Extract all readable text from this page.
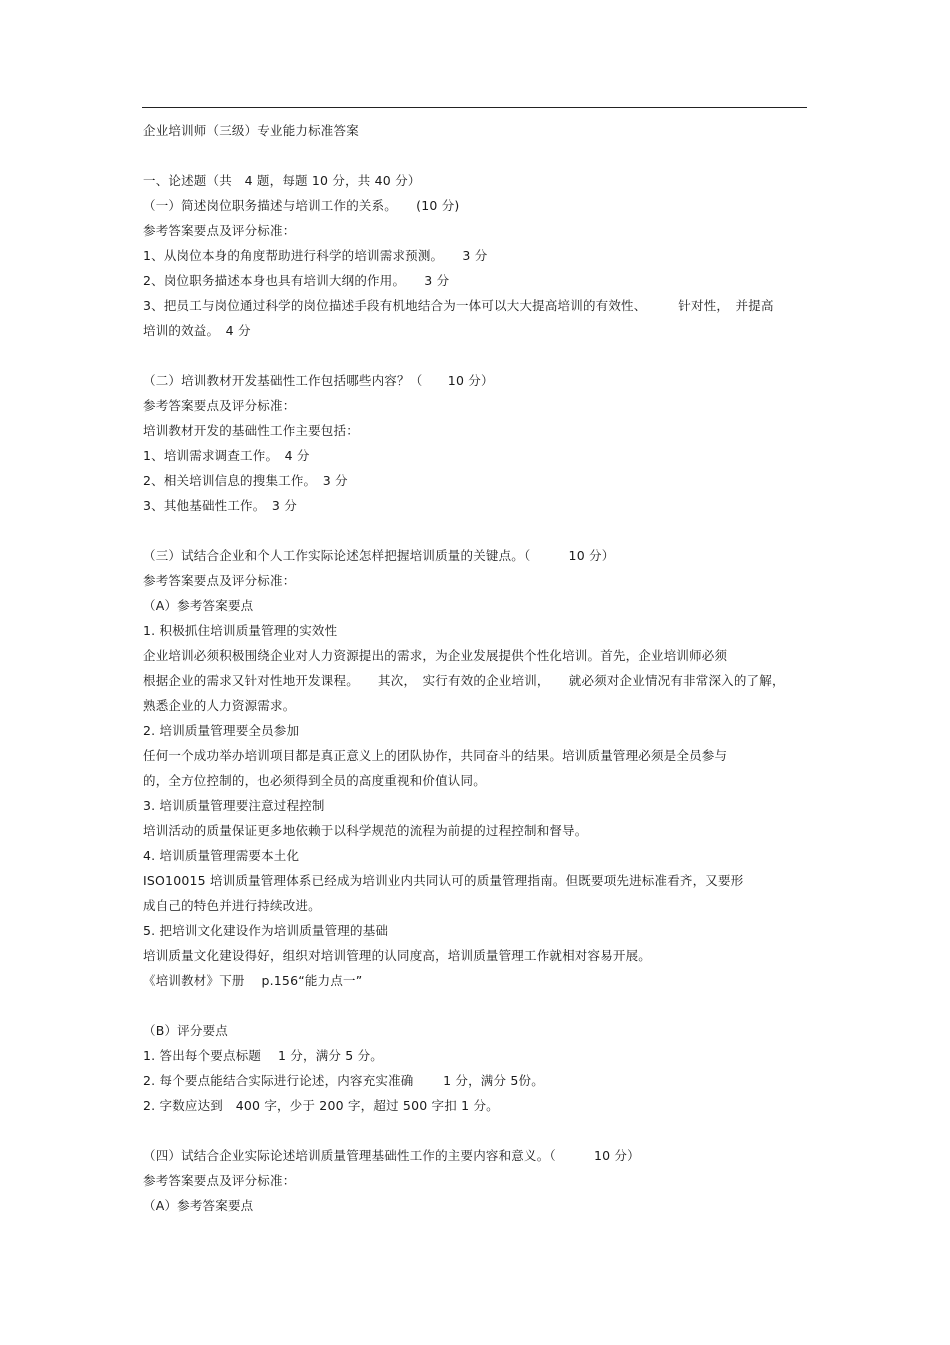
企业培训师（三级）专业能力标准答案
一、论述题（共　4 题，每题 10 分，共 40 分）
（一）简述岗位职务描述与培训工作的关系。　　(10 分)
参考答案要点及评分标准：
1、从岗位本身的角度帮助进行科学的培训需求预测。　　3 分
2、岗位职务描述本身也具有培训大纲的作用。　　3 分
3、把员工与岗位通过科学的岗位描述手段有机地结合为一体可以大大提高培训的有效性、　　　针对性，　并提高
培训的效益。　4 分
（二）培训教材开发基础性工作包括哪些内容？（　　10 分）
参考答案要点及评分标准：
培训教材开发的基础性工作主要包括：
1、培训需求调查工作。　4 分
2、相关培训信息的搜集工作。　3 分
3、其他基础性工作。　3 分
（三）试结合企业和个人工作实际论述怎样把握培训质量的关键点。（　　　10 分）
参考答案要点及评分标准：
（A）参考答案要点
1. 积极抓住培训质量管理的实效性
企业培训必须积极围绕企业对人力资源提出的需求，为企业发展提供个性化培训。首先，企业培训师必须
根据企业的需求又针对性地开发课程。　　其次，　实行有效的企业培训，　　就必须对企业情况有非常深入的了解，
熟悉企业的人力资源需求。
2. 培训质量管理要全员参加
任何一个成功举办培训项目都是真正意义上的团队协作，共同奋斗的结果。培训质量管理必须是全员参与
的，全方位控制的，也必须得到全员的高度重视和价值认同。
3. 培训质量管理要注意过程控制
培训活动的质量保证更多地依赖于以科学规范的流程为前提的过程控制和督导。
4. 培训质量管理需要本土化
ISO10015 培训质量管理体系已经成为培训业内共同认可的质量管理指南。但既要项先进标准看齐，又要形
成自己的特色并进行持续改进。
5. 把培训文化建设作为培训质量管理的基础
培训质量文化建设得好，组织对培训管理的认同度高，培训质量管理工作就相对容易开展。
《培训教材》下册　 p.156“能力点一”
（B）评分要点
1. 答出每个要点标题　 1 分，满分 5 分。
2. 每个要点能结合实际进行论述，内容充实准确　　 1 分，满分 5份。
2. 字数应达到　400 字，少于 200 字，超过 500 字扣 1 分。
（四）试结合企业实际论述培训质量管理基础性工作的主要内容和意义。（　　　10 分）
参考答案要点及评分标准：
（A）参考答案要点
